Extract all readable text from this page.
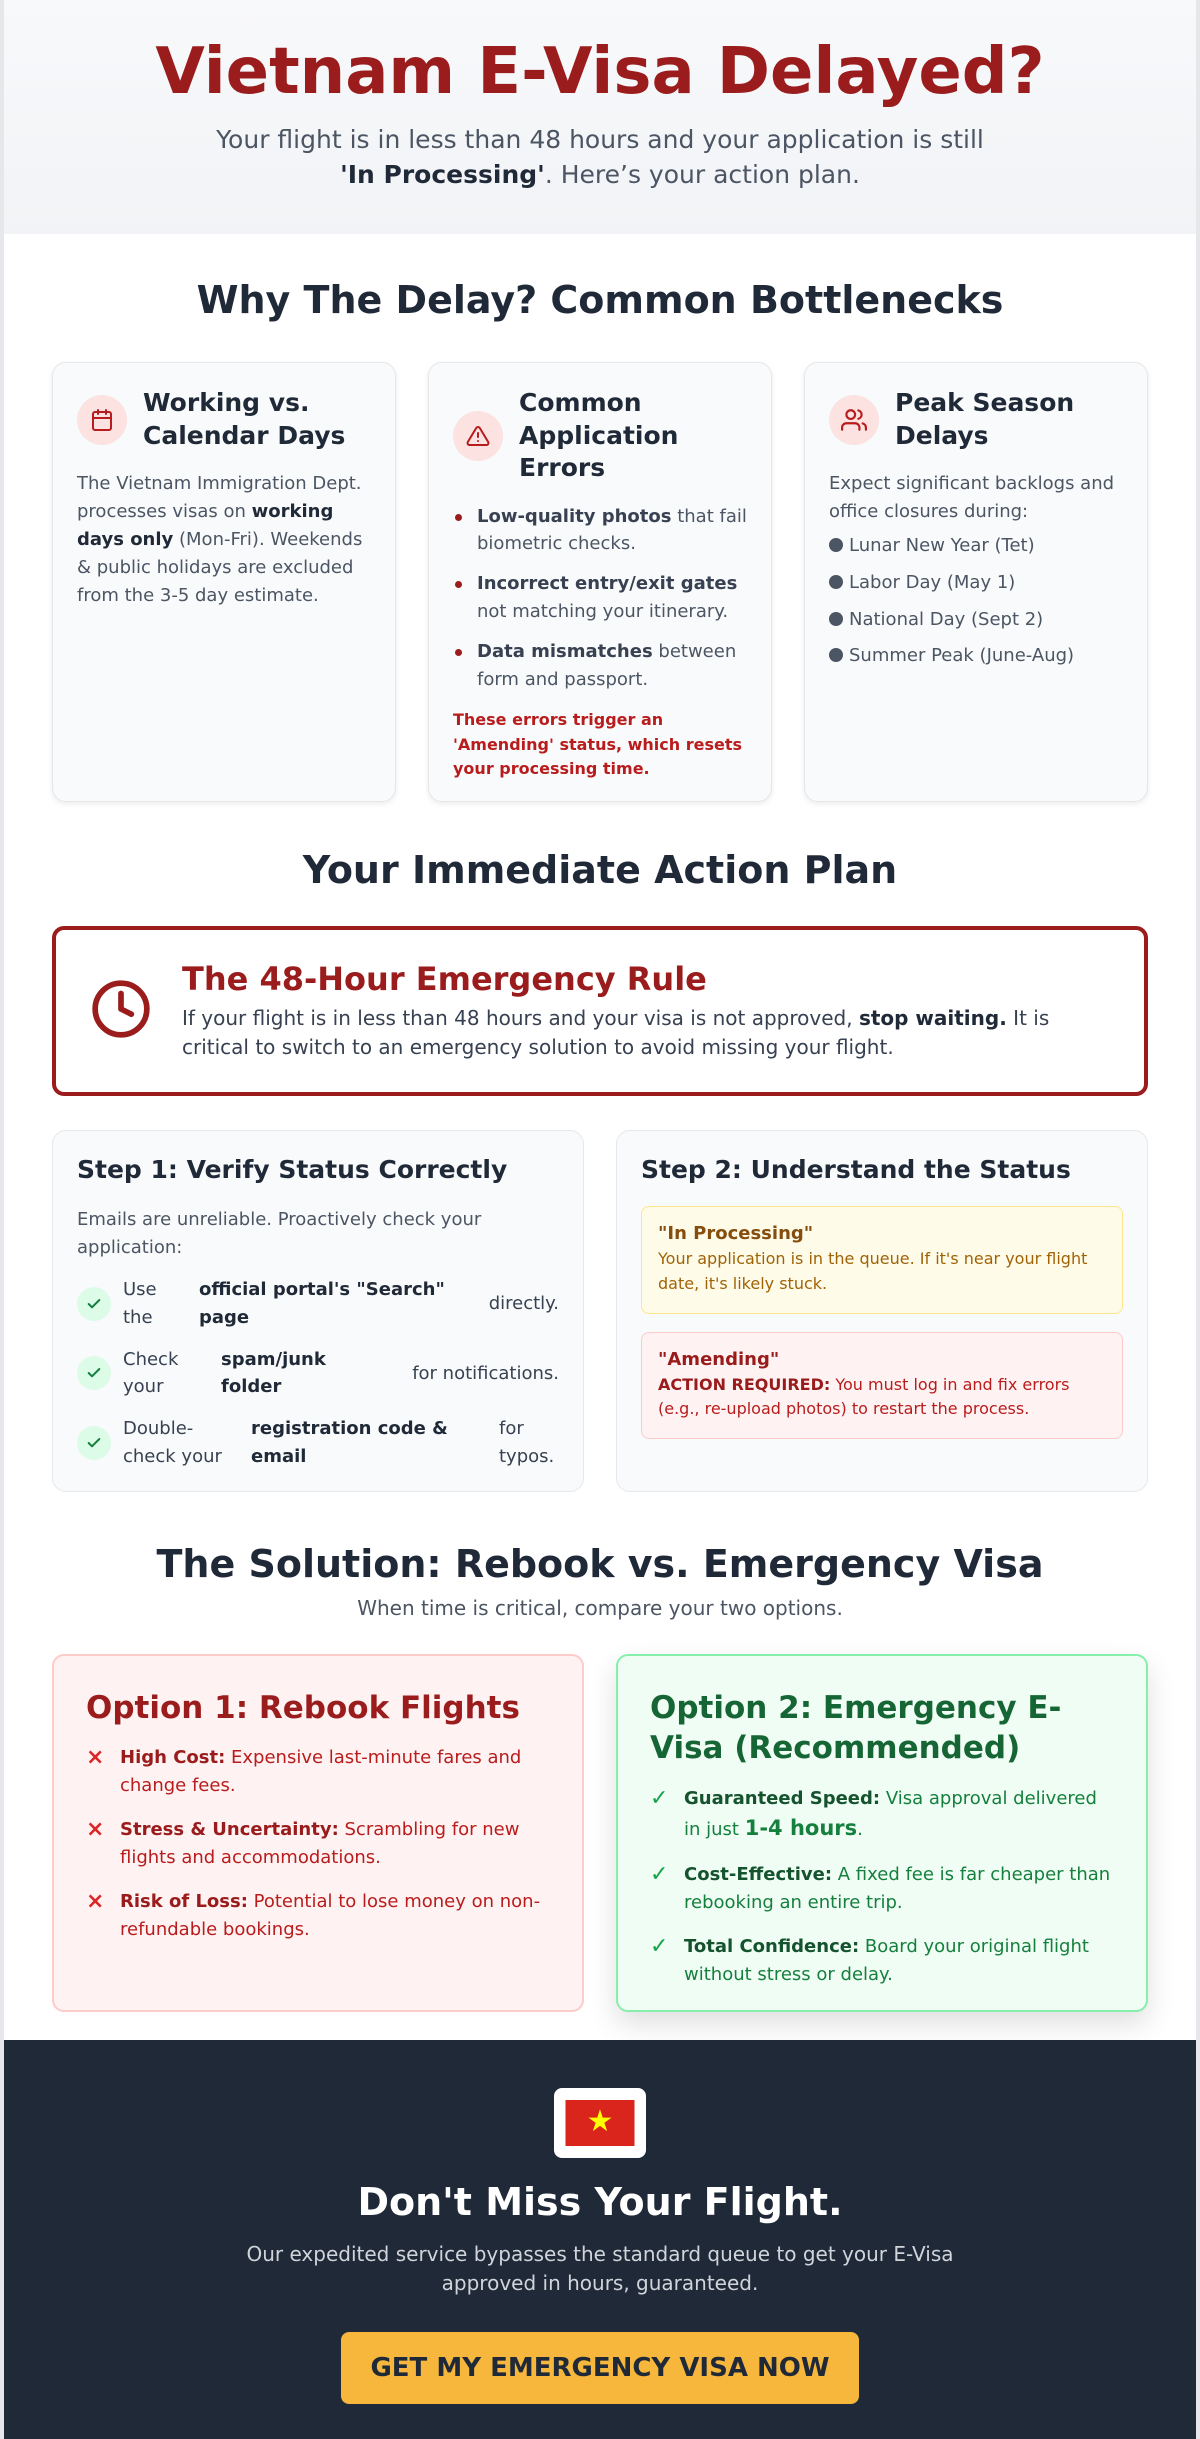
Vietnam E-Visa Delayed?

Your flight is in less than 48 hours and your application is still 'In Processing'. Here’s your action plan.

Why The Delay? Common Bottlenecks
Working vs. Calendar Days

The Vietnam Immigration Dept. processes visas on working days only (Mon-Fri). Weekends & public holidays are excluded from the 3-5 day estimate.

Common Application Errors
Low-quality photos that fail biometric checks.
Incorrect entry/exit gates not matching your itinerary.
Data mismatches between form and passport.

These errors trigger an 'Amending' status, which resets your processing time.

Peak Season Delays

Expect significant backlogs and office closures during:

Lunar New Year (Tet)
Labor Day (May 1)
National Day (Sept 2)
Summer Peak (June-Aug)
Your Immediate Action Plan
The 48-Hour Emergency Rule

If your flight is in less than 48 hours and your visa is not approved, stop waiting. It is critical to switch to an emergency solution to avoid missing your flight.

Step 1: Verify Status Correctly

Emails are unreliable. Proactively check your application:

Use the
official portal's "Search" page
directly.
Check your
spam/junk folder
for notifications.
Double-check your
registration code & email
for typos.
Step 2: Understand the Status
"In Processing"
Your application is in the queue. If it's near your flight date, it's likely stuck.
"Amending"
ACTION REQUIRED: You must log in and fix errors (e.g., re-upload photos) to restart the process.
The Solution: Rebook vs. Emergency Visa

When time is critical, compare your two options.

Option 1: Rebook Flights
× High Cost: Expensive last-minute fares and change fees.
× Stress & Uncertainty: Scrambling for new flights and accommodations.
× Risk of Loss: Potential to lose money on non-refundable bookings.
Option 2: Emergency E-Visa (Recommended)
✓ Guaranteed Speed: Visa approval delivered in just 1-4 hours.
✓ Cost-Effective: A fixed fee is far cheaper than rebooking an entire trip.
✓ Total Confidence: Board your original flight without stress or delay.
Don't Miss Your Flight.

Our expedited service bypasses the standard queue to get your E-Visa approved in hours, guaranteed.

GET MY EMERGENCY VISA NOW
